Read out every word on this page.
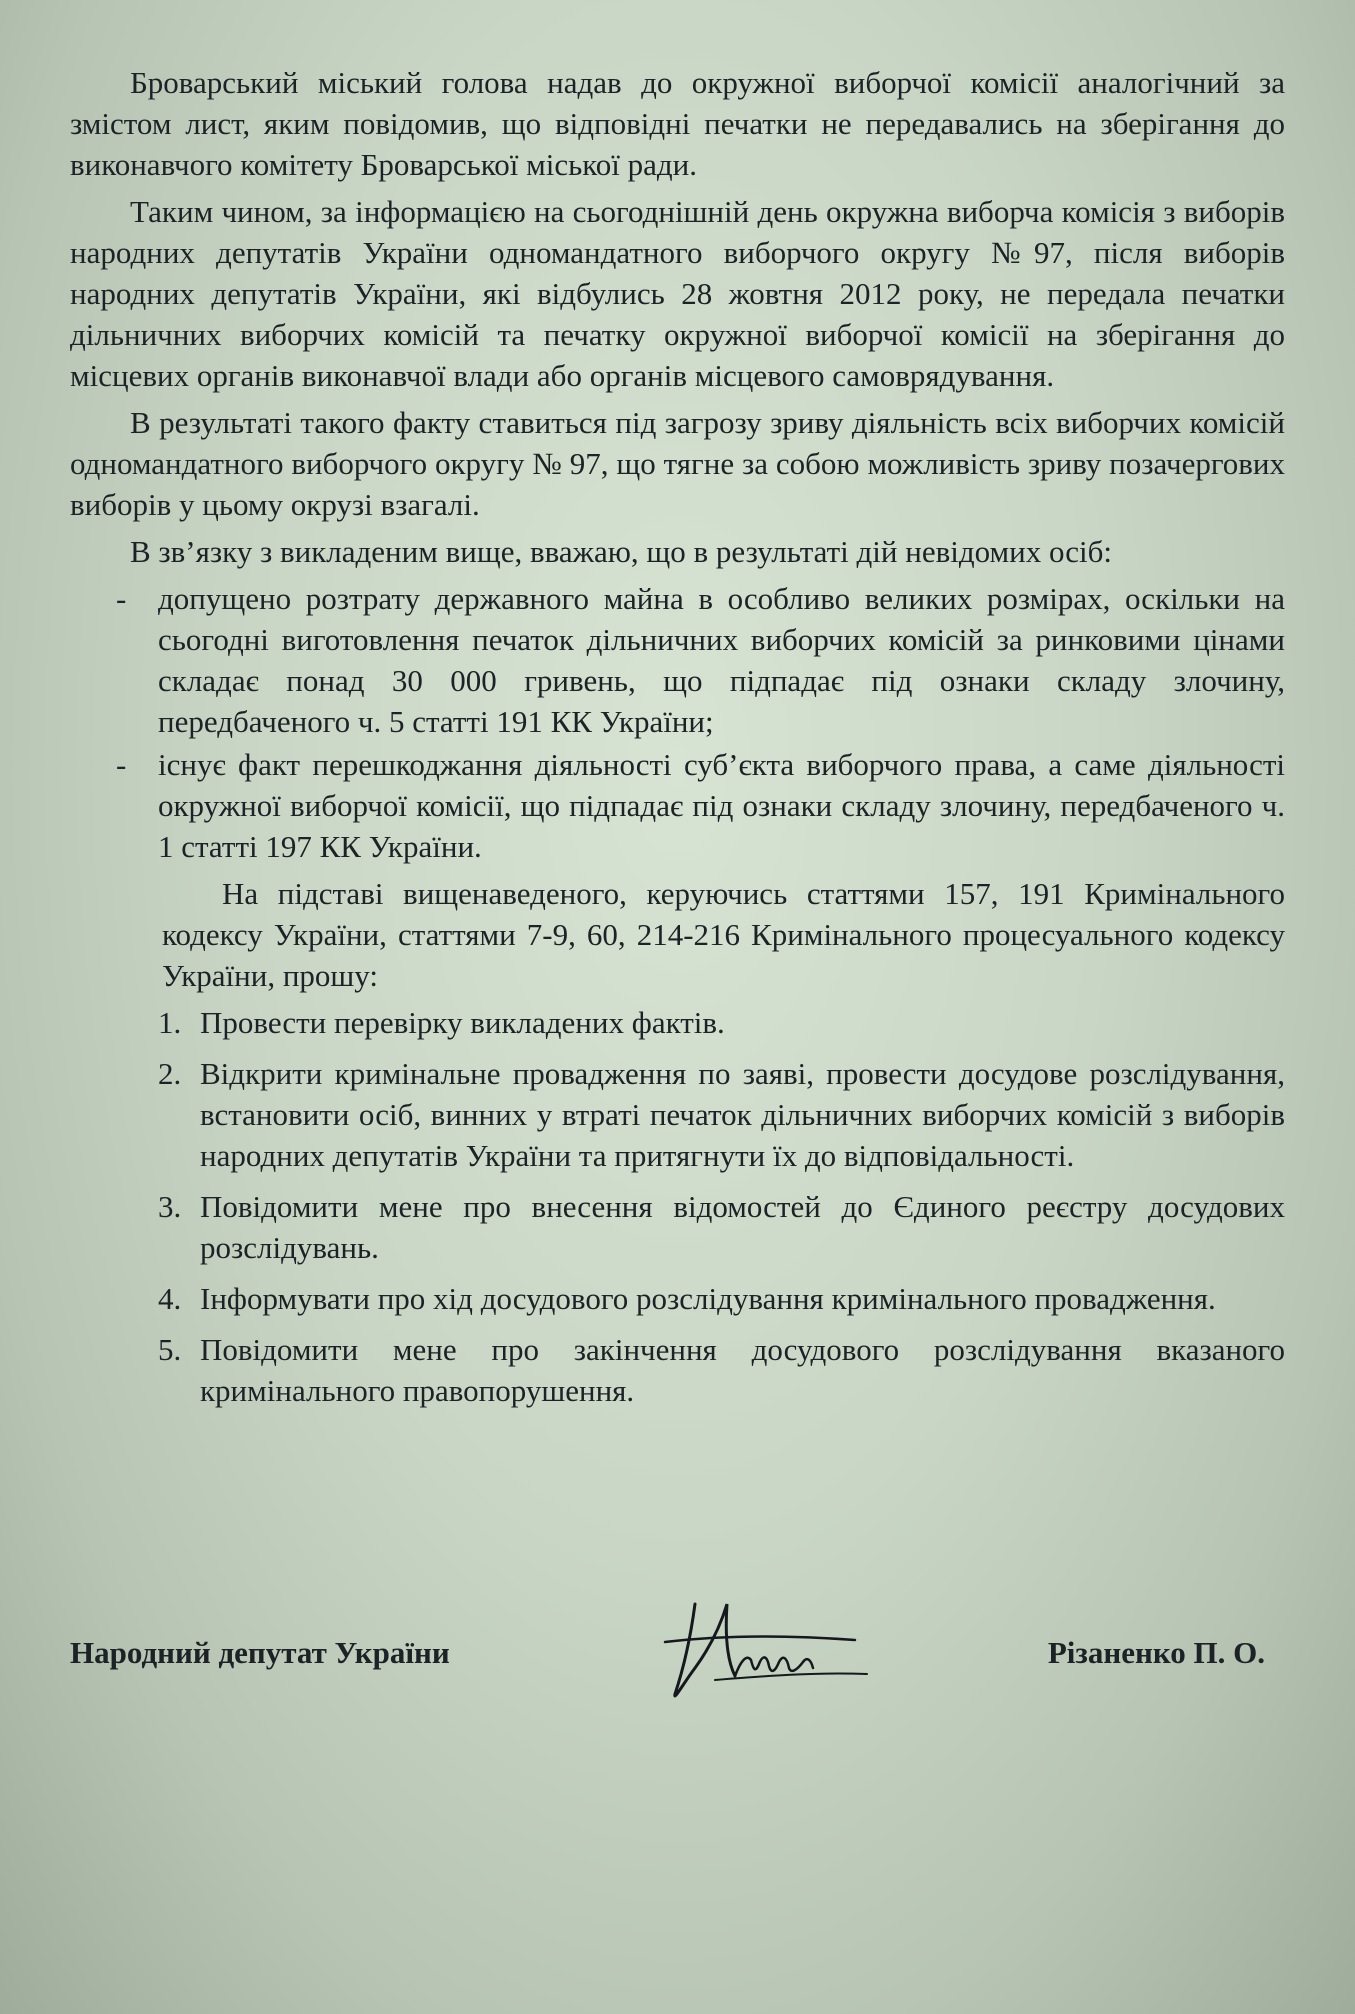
Броварський міський голова надав до окружної виборчої комісії аналогічний за змістом лист, яким повідомив, що відповідні печатки не передавались на зберігання до виконавчого комітету Броварської міської ради.

Таким чином, за інформацією на сьогоднішній день окружна виборча комісія з виборів народних депутатів України одномандатного виборчого округу №97, після виборів народних депутатів України, які відбулись 28 жовтня 2012 року, не передала печатки дільничних виборчих комісій та печатку окружної виборчої комісії на зберігання до місцевих органів виконавчої влади або органів місцевого самоврядування.

В результаті такого факту ставиться під загрозу зриву діяльність всіх виборчих комісій одномандатного виборчого округу № 97, що тягне за собою можливість зриву позачергових виборів у цьому окрузі взагалі.

В зв’язку з викладеним вище, вважаю, що в результаті дій невідомих осіб:

- допущено розтрату державного майна в особливо великих розмірах, оскільки на сьогодні виготовлення печаток дільничних виборчих комісій за ринковими цінами складає понад 30 000 гривень, що підпадає під ознаки складу злочину, передбаченого ч. 5 статті 191 КК України;
- існує факт перешкоджання діяльності суб’єкта виборчого права, а саме діяльності окружної виборчої комісії, що підпадає під ознаки складу злочину, передбаченого ч. 1 статті 197 КК України.

На підставі вищенаведеного, керуючись статтями 157, 191 Кримінального кодексу України, статтями 7-9, 60, 214-216 Кримінального процесуального кодексу України, прошу:

1. Провести перевірку викладених фактів.
2. Відкрити кримінальне провадження по заяві, провести досудове розслідування, встановити осіб, винних у втраті печаток дільничних виборчих комісій з виборів народних депутатів України та притягнути їх до відповідальності.
3. Повідомити мене про внесення відомостей до Єдиного реєстру досудових розслідувань.
4. Інформувати про хід досудового розслідування кримінального провадження.
5. Повідомити мене про закінчення досудового розслідування вказаного кримінального правопорушення.
Народний депутат України	Різаненко П. О.
